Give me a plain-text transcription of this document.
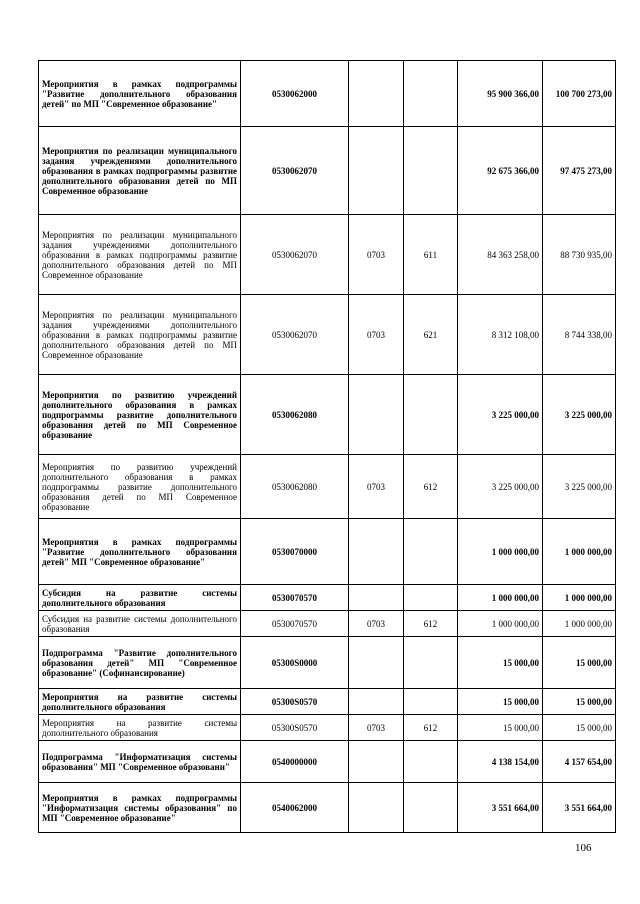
Мероприятия в рамках подпрограммы "Развитие дополнительного образования детей" по МП "Современное образование"	0530062000			95 900 366,00	100 700 273,00
Мероприятия по реализации муниципального задания учреждениями дополнительного образования в рамках подпрограммы развитие дополнительного образования детей по МП Современное образование	0530062070			92 675 366,00	97 475 273,00
Мероприятия по реализации муниципального задания учреждениями дополнительного образования в рамках подпрограммы развитие дополнительного образования детей по МП Современное образование	0530062070	0703	611	84 363 258,00	88 730 935,00
Мероприятия по реализации муниципального задания учреждениями дополнительного образования в рамках подпрограммы развитие дополнительного образования детей по МП Современное образование	0530062070	0703	621	8 312 108,00	8 744 338,00
Мероприятия по развитию учреждений дополнительного образования в рамках подпрограммы развитие дополнительного образования детей по МП Современное образование	0530062080			3 225 000,00	3 225 000,00
Мероприятия по развитию учреждений дополнительного образования в рамках подпрограммы развитие дополнительного образования детей по МП Современное образование	0530062080	0703	612	3 225 000,00	3 225 000,00
Мероприятия в рамках подпрограммы "Развитие дополнительного образования детей" МП "Современное образование"	0530070000			1 000 000,00	1 000 000,00
Субсидия на развитие системы дополнительного образования	0530070570			1 000 000,00	1 000 000,00
Субсидия на развитие системы дополнительного образования	0530070570	0703	612	1 000 000,00	1 000 000,00
Подпрограмма "Развитие дополнительного образования детей" МП "Современное образование" (Софинансирование)	05300S0000			15 000,00	15 000,00
Мероприятия на развитие системы дополнительного образования	05300S0570			15 000,00	15 000,00
Мероприятия на развитие системы дополнительного образования	05300S0570	0703	612	15 000,00	15 000,00
Подпрограмма "Информатизация системы образования" МП "Современное образовани"	0540000000			4 138 154,00	4 157 654,00
Мероприятия в рамках подпрограммы "Информатизация системы образования" по МП "Современное образование"	0540062000			3 551 664,00	3 551 664,00
106
